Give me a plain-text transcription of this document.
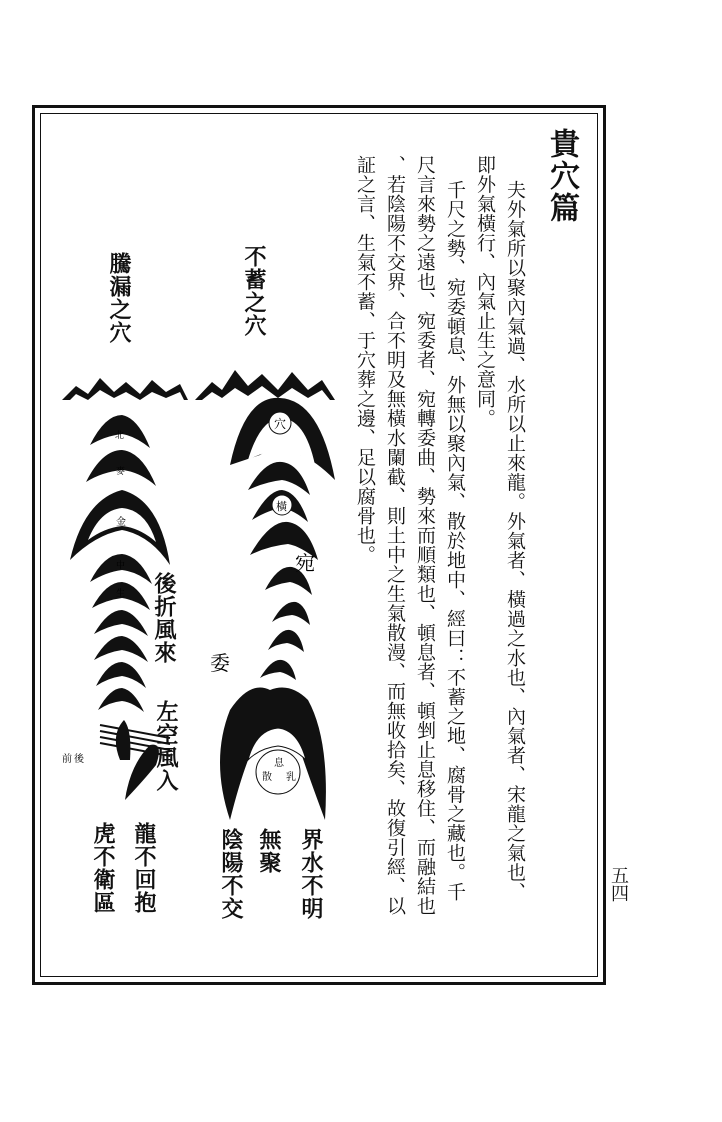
貴穴篇
夫外氣所以聚內氣過、水所以止來龍。外氣者、橫過之水也、內氣者、宋龍之氣也、
即外氣橫行、內氣止生之意同。
千尺之勢、宛委頓息、外無以聚內氣、散於地中、經曰：不蓄之地、腐骨之藏也。千
尺言來勢之遠也、宛委者、宛轉委曲、勢來而順類也、頓息者、頓剉止息移住、而融結也
、若陰陽不交界、合不明及無橫水闌截、則土中之生氣散漫、而無收拾矣、故復引經、以
証之言、生氣不蓄、于穴葬之邊、足以腐骨也。
五四
不蓄之穴
騰漏之穴
穴
橫
宛
委
息
乳
散
北
麥
金
中
生
前 後
後折風來
左空風入
界水不明
無聚
陰陽不交
龍不回抱
虎不衛區
